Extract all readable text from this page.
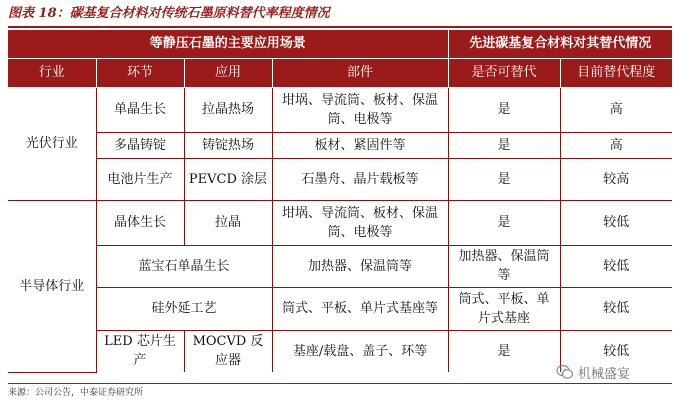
图表 18：碳基复合材料对传统石墨原料替代率程度情况
等静压石墨的主要应用场景				先进碳基复合材料对其替代情况	
行业	环节	应用	部件	是否可替代	目前替代程度
光伏行业	单晶生长	拉晶热场	坩埚、导流筒、板材、保温筒、电极等	是	高
	多晶铸锭	铸锭热场	板材、紧固件等	是	高
	电池片生产	PEVCD 涂层	石墨舟、晶片载板等	是	较高
半导体行业	晶体生长	拉晶	坩埚、导流筒、板材、保温筒、电极等	是	较低
	蓝宝石单晶生长		加热器、保温筒等	加热器、保温筒等	较低
	硅外延工艺		筒式、平板、单片式基座等	筒式、平板、单片式基座	较低
	LED 芯片生产	MOCVD 反应器	基座/载盘、盖子、环等	是	较低
机械盛宴
来源：公司公告，中泰证券研究所
